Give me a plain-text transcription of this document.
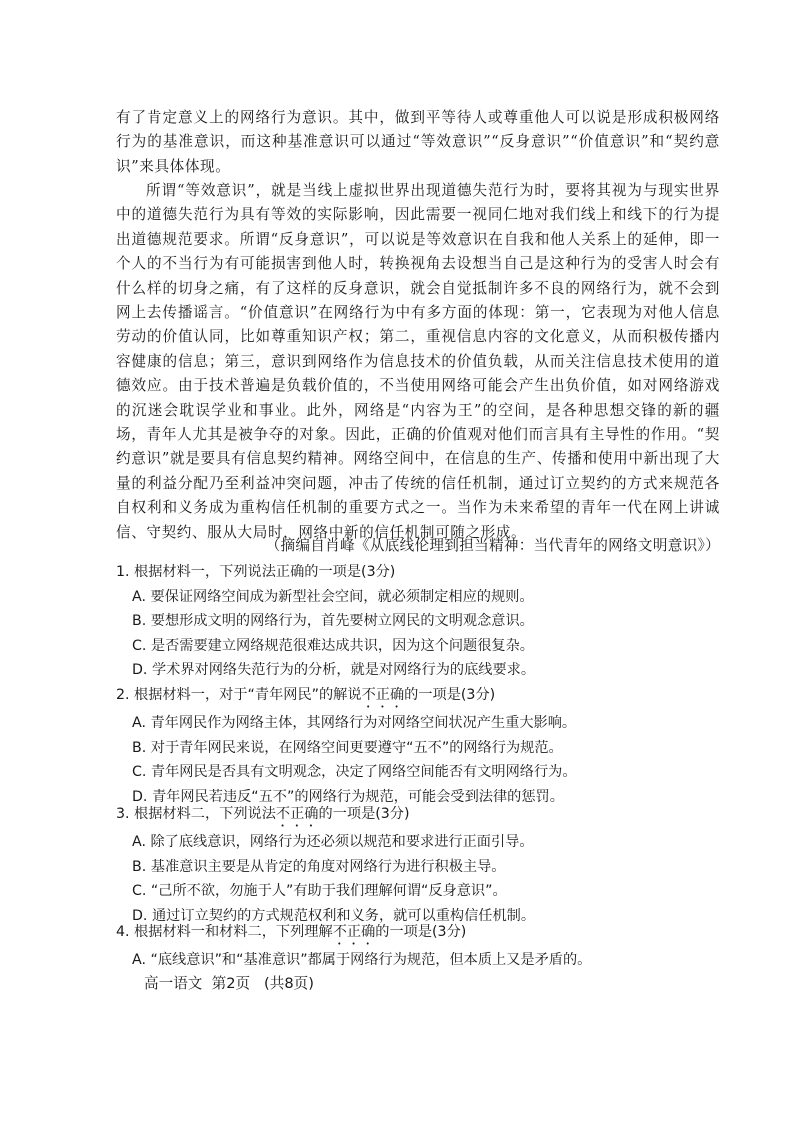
有了肯定意义上的网络行为意识。其中，做到平等待人或尊重他人可以说是形成积极网络行为的基准意识，而这种基准意识可以通过“等效意识”“反身意识”“价值意识”和“契约意识”来具体体现。

所谓“等效意识”，就是当线上虚拟世界出现道德失范行为时，要将其视为与现实世界中的道德失范行为具有等效的实际影响，因此需要一视同仁地对我们线上和线下的行为提出道德规范要求。所谓“反身意识”，可以说是等效意识在自我和他人关系上的延伸，即一个人的不当行为有可能损害到他人时，转换视角去设想当自己是这种行为的受害人时会有什么样的切身之痛，有了这样的反身意识，就会自觉抵制许多不良的网络行为，就不会到网上去传播谣言。“价值意识”在网络行为中有多方面的体现：第一，它表现为对他人信息劳动的价值认同，比如尊重知识产权；第二，重视信息内容的文化意义，从而积极传播内容健康的信息；第三，意识到网络作为信息技术的价值负载，从而关注信息技术使用的道德效应。由于技术普遍是负载价值的，不当使用网络可能会产生出负价值，如对网络游戏的沉迷会耽误学业和事业。此外，网络是“内容为王”的空间，是各种思想交锋的新的疆场，青年人尤其是被争夺的对象。因此，正确的价值观对他们而言具有主导性的作用。“契约意识”就是要具有信息契约精神。网络空间中，在信息的生产、传播和使用中新出现了大量的利益分配乃至利益冲突问题，冲击了传统的信任机制，通过订立契约的方式来规范各自权利和义务成为重构信任机制的重要方式之一。当作为未来希望的青年一代在网上讲诚信、守契约、服从大局时，网络中新的信任机制可随之形成。

（摘编自肖峰《从底线伦理到担当精神：当代青年的网络文明意识》）

1. 根据材料一，下列说法正确的一项是(3分)
A. 要保证网络空间成为新型社会空间，就必须制定相应的规则。
B. 要想形成文明的网络行为，首先要树立网民的文明观念意识。
C. 是否需要建立网络规范很难达成共识，因为这个问题很复杂。
D. 学术界对网络失范行为的分析，就是对网络行为的底线要求。
2. 根据材料一，对于“青年网民”的解说不正确的一项是(3分)
A. 青年网民作为网络主体，其网络行为对网络空间状况产生重大影响。
B. 对于青年网民来说，在网络空间更要遵守“五不”的网络行为规范。
C. 青年网民是否具有文明观念，决定了网络空间能否有文明网络行为。
D. 青年网民若违反“五不”的网络行为规范，可能会受到法律的惩罚。
3. 根据材料二，下列说法不正确的一项是(3分)
A. 除了底线意识，网络行为还必须以规范和要求进行正面引导。
B. 基准意识主要是从肯定的角度对网络行为进行积极主导。
C. “己所不欲，勿施于人”有助于我们理解何谓“反身意识”。
D. 通过订立契约的方式规范权利和义务，就可以重构信任机制。
4. 根据材料一和材料二，下列理解不正确的一项是(3分)
A. “底线意识”和“基准意识”都属于网络行为规范，但本质上又是矛盾的。

高一语文  第2页   (共8页)
